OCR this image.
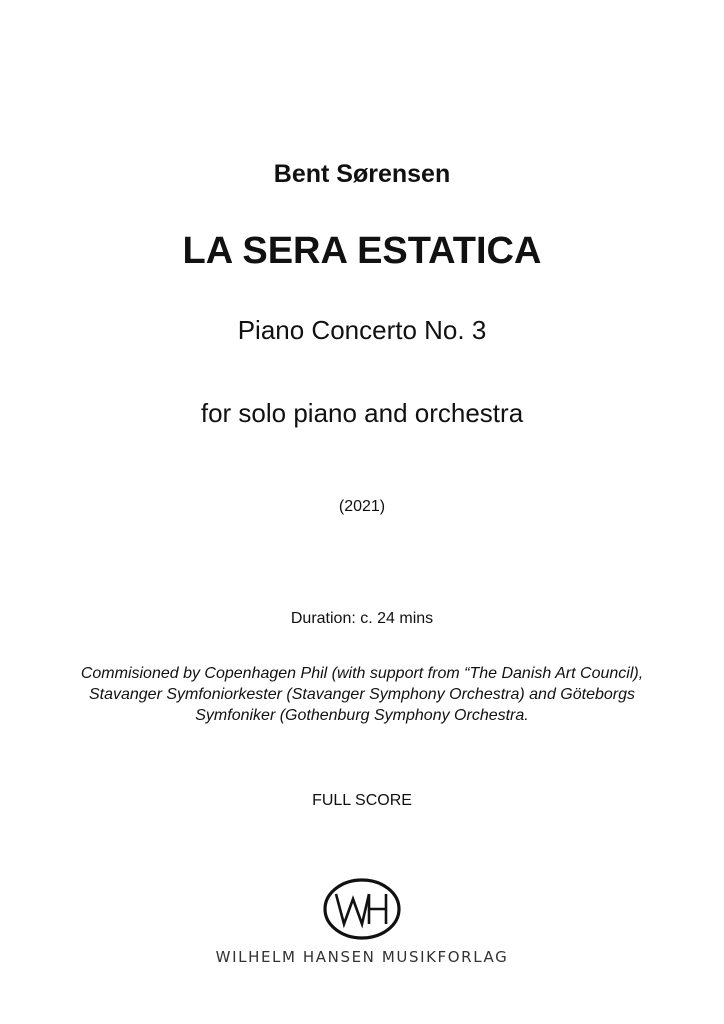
Bent Sørensen

LA SERA ESTATICA

Piano Concerto No. 3

for solo piano and orchestra

(2021)

Duration: c. 24 mins

Commisioned by Copenhagen Phil (with support from “The Danish Art Council),
Stavanger Symfoniorkester (Stavanger Symphony Orchestra) and Göteborgs
Symfoniker (Gothenburg Symphony Orchestra.

FULL SCORE

WILHELM HANSEN MUSIKFORLAG
